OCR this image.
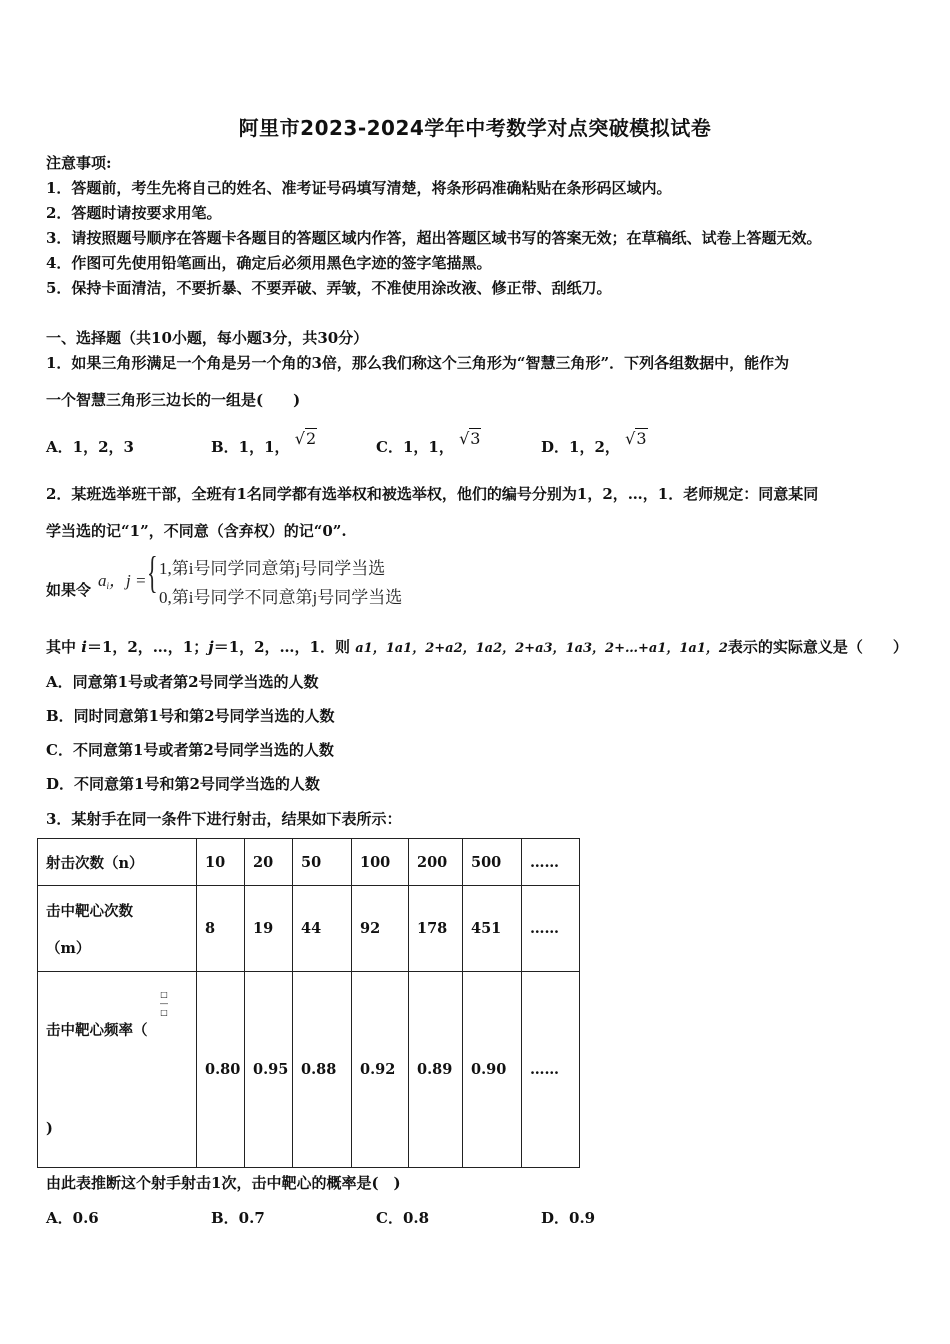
阿里市2023-2024学年中考数学对点突破模拟试卷
注意事项:
1．答题前，考生先将自己的姓名、准考证号码填写清楚，将条形码准确粘贴在条形码区域内。
2．答题时请按要求用笔。
3．请按照题号顺序在答题卡各题目的答题区域内作答，超出答题区域书写的答案无效；在草稿纸、试卷上答题无效。
4．作图可先使用铅笔画出，确定后必须用黑色字迹的签字笔描黑。
5．保持卡面清洁，不要折暴、不要弄破、弄皱，不准使用涂改液、修正带、刮纸刀。
一、选择题（共10小题，每小题3分，共30分）
1．如果三角形满足一个角是另一个角的3倍，那么我们称这个三角形为“智慧三角形”．下列各组数据中，能作为
一个智慧三角形三边长的一组是(　　)
A．1，2，3	B．1，1， √2	C．1，1， √3	D．1，2， √3
2．某班选举班干部，全班有1名同学都有选举权和被选举权，他们的编号分别为1，2，…，1．老师规定：同意某同
学当选的记“1”，不同意（含弃权）的记“0”.
如果令 $a_i$，j = { 1,第i号同学同意第j号同学当选
0,第i号同学不同意第j号同学当选
其中 i＝1，2，…，1；j＝1，2，…，1．则 a1，1a1，2+a2，1a2，2+a3，1a3，2+…+a1，1a1，2表示的实际意义是（　　）
A．同意第1号或者第2号同学当选的人数
B．同时同意第1号和第2号同学当选的人数
C．不同意第1号或者第2号同学当选的人数
D．不同意第1号和第2号同学当选的人数
3．某射手在同一条件下进行射击，结果如下表所示：
射击次数（n）	10	20	50	100	200	500	……

击中靶心次数
（m）	8	19	44	92	178	451	……

□
―
□
击中靶心频率（
)	0.80	0.95	0.88	0.92	0.89	0.90	……
由此表推断这个射手射击1次，击中靶心的概率是(　)
A．0.6	B．0.7	C．0.8	D．0.9
